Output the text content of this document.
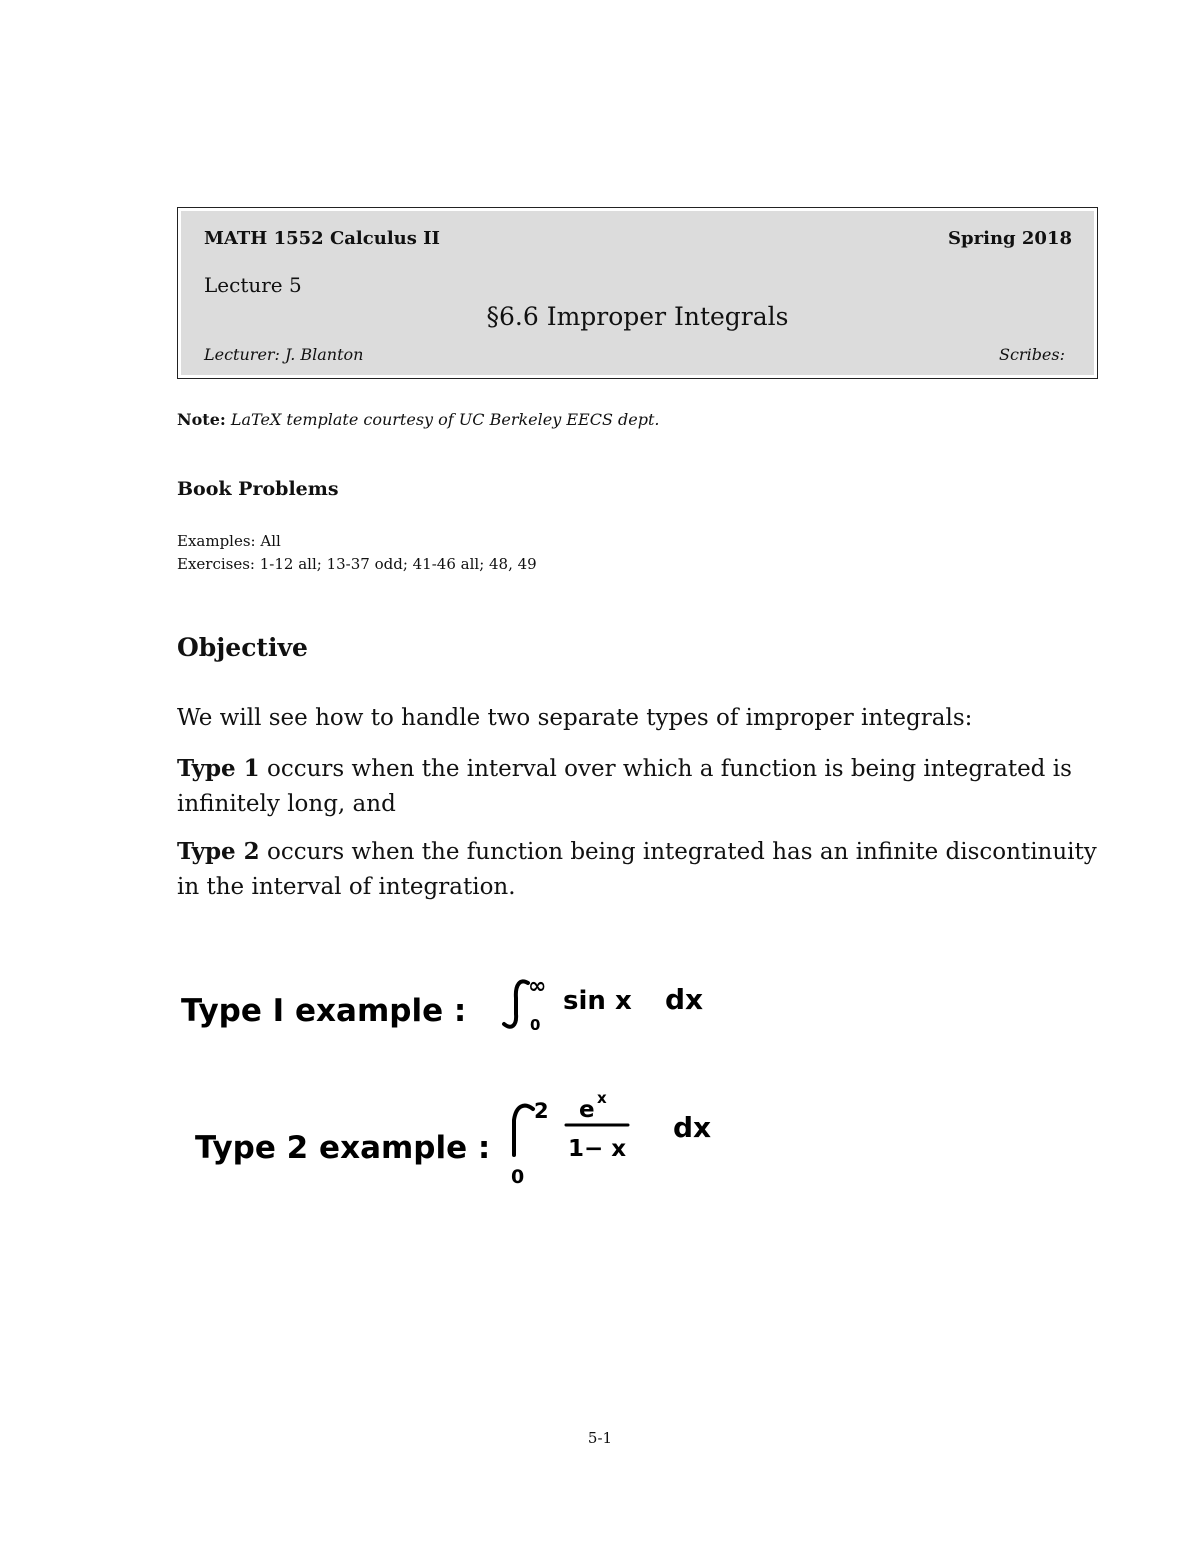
MATH 1552 Calculus II	Spring 2018
Lecture 5
§6.6 Improper Integrals
Lecturer: J. Blanton	Scribes:
Note: LaTeX template courtesy of UC Berkeley EECS dept.
Book Problems
Examples: All
Exercises: 1-12 all; 13-37 odd; 41-46 all; 48, 49
Objective
We will see how to handle two separate types of improper integrals:
Type 1 occurs when the interval over which a function is being integrated is infinitely long, and
Type 2 occurs when the function being integrated has an infinite discontinuity in the interval of integration.
Type I example :
∞
0
sin x dx
Type 2 example :
2
0
e x
1− x
dx
5-1
